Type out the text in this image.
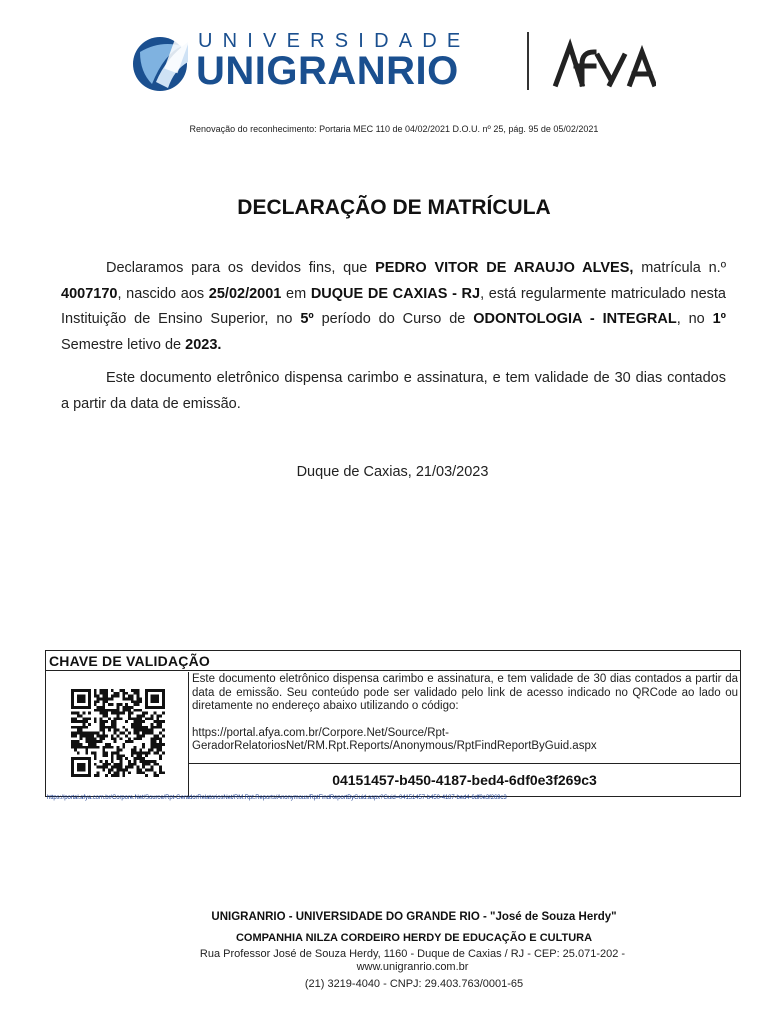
UNIVERSIDADE
UNIGRANRIO
Renovação do reconhecimento: Portaria MEC 110 de 04/02/2021 D.O.U. nº 25, pág. 95 de 05/02/2021
DECLARAÇÃO DE MATRÍCULA
Declaramos para os devidos fins, que PEDRO VITOR DE ARAUJO ALVES, matrícula n.º 4007170, nascido aos 25/02/2001 em DUQUE DE CAXIAS - RJ, está regularmente matriculado nesta Instituição de Ensino Superior, no 5º período do Curso de ODONTOLOGIA - INTEGRAL, no 1º Semestre letivo de 2023.
Este documento eletrônico dispensa carimbo e assinatura, e tem validade de 30 dias contados a partir da data de emissão.
Duque de Caxias, 21/03/2023
CHAVE DE VALIDAÇÃO
Este documento eletrônico dispensa carimbo e assinatura, e tem validade de 30 dias contados a partir da data de emissão. Seu conteúdo pode ser validado pelo link de acesso indicado no QRCode ao lado ou diretamente no endereço abaixo utilizando o código:
https://portal.afya.com.br/Corpore.Net/Source/Rpt-GeradorRelatoriosNet/RM.Rpt.Reports/Anonymous/RptFindReportByGuid.aspx
04151457-b450-4187-bed4-6df0e3f269c3
https://portal.afya.com.br/Corpore.Net/Source/Rpt-GeradorRelatoriosNet/RM.Rpt.Reports/Anonymous/RptFindReportByGuid.aspx?Guid=04151457-b450-4187-bed4-6df0e3f269c3
UNIGRANRIO - UNIVERSIDADE DO GRANDE RIO - "José de Souza Herdy"
COMPANHIA NILZA CORDEIRO HERDY DE EDUCAÇÃO E CULTURA
Rua Professor José de Souza Herdy, 1160 - Duque de Caxias / RJ - CEP: 25.071-202 - www.unigranrio.com.br
(21) 3219-4040 - CNPJ: 29.403.763/0001-65
